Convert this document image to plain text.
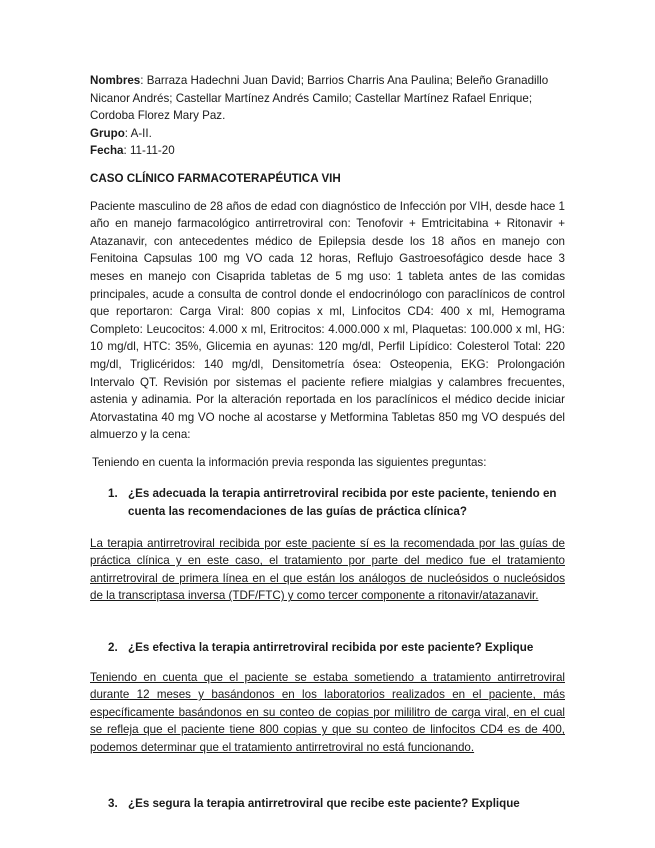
Nombres: Barraza Hadechni Juan David; Barrios Charris Ana Paulina; Beleño Granadillo Nicanor Andrés; Castellar Martínez Andrés Camilo; Castellar Martínez Rafael Enrique; Cordoba Florez Mary Paz.

Grupo: A-II.

Fecha: 11-11-20

CASO CLÍNICO FARMACOTERAPÉUTICA VIH

Paciente masculino de 28 años de edad con diagnóstico de Infección por VIH, desde hace 1 año en manejo farmacológico antirretroviral con: Tenofovir + Emtricitabina + Ritonavir + Atazanavir, con antecedentes médico de Epilepsia desde los 18 años en manejo con Fenitoina Capsulas 100 mg VO cada 12 horas, Reflujo Gastroesofágico desde hace 3 meses en manejo con Cisaprida tabletas de 5 mg uso: 1 tableta antes de las comidas principales, acude a consulta de control donde el endocrinólogo con paraclínicos de control que reportaron: Carga Viral: 800 copias x ml, Linfocitos CD4: 400 x ml, Hemograma Completo: Leucocitos: 4.000 x ml, Eritrocitos: 4.000.000 x ml, Plaquetas: 100.000 x ml, HG: 10 mg/dl, HTC: 35%, Glicemia en ayunas: 120 mg/dl, Perfil Lipídico: Colesterol Total: 220 mg/dl, Triglicéridos: 140 mg/dl, Densitometría ósea: Osteopenia, EKG: Prolongación Intervalo QT. Revisión por sistemas el paciente refiere mialgias y calambres frecuentes, astenia y adinamia. Por la alteración reportada en los paraclínicos el médico decide iniciar Atorvastatina 40 mg VO noche al acostarse y Metformina Tabletas 850 mg VO después del almuerzo y la cena:

Teniendo en cuenta la información previa responda las siguientes preguntas:

1. ¿Es adecuada la terapia antirretroviral recibida por este paciente, teniendo en cuenta las recomendaciones de las guías de práctica clínica?

La terapia antirretroviral recibida por este paciente sí es la recomendada por las guías de práctica clínica y en este caso, el tratamiento por parte del medico fue el tratamiento antirretroviral de primera línea en el que están los análogos de nucleósidos o nucleósidos de la transcriptasa inversa (TDF/FTC) y como tercer componente a ritonavir/atazanavir.

2. ¿Es efectiva la terapia antirretroviral recibida por este paciente? Explique

Teniendo en cuenta que el paciente se estaba sometiendo a tratamiento antirretroviral durante 12 meses y basándonos en los laboratorios realizados en el paciente, más específicamente basándonos en su conteo de copias por mililitro de carga viral, en el cual se refleja que el paciente tiene 800 copias y que su conteo de linfocitos CD4 es de 400, podemos determinar que el tratamiento antirretroviral no está funcionando.

3. ¿Es segura la terapia antirretroviral que recibe este paciente? Explique
